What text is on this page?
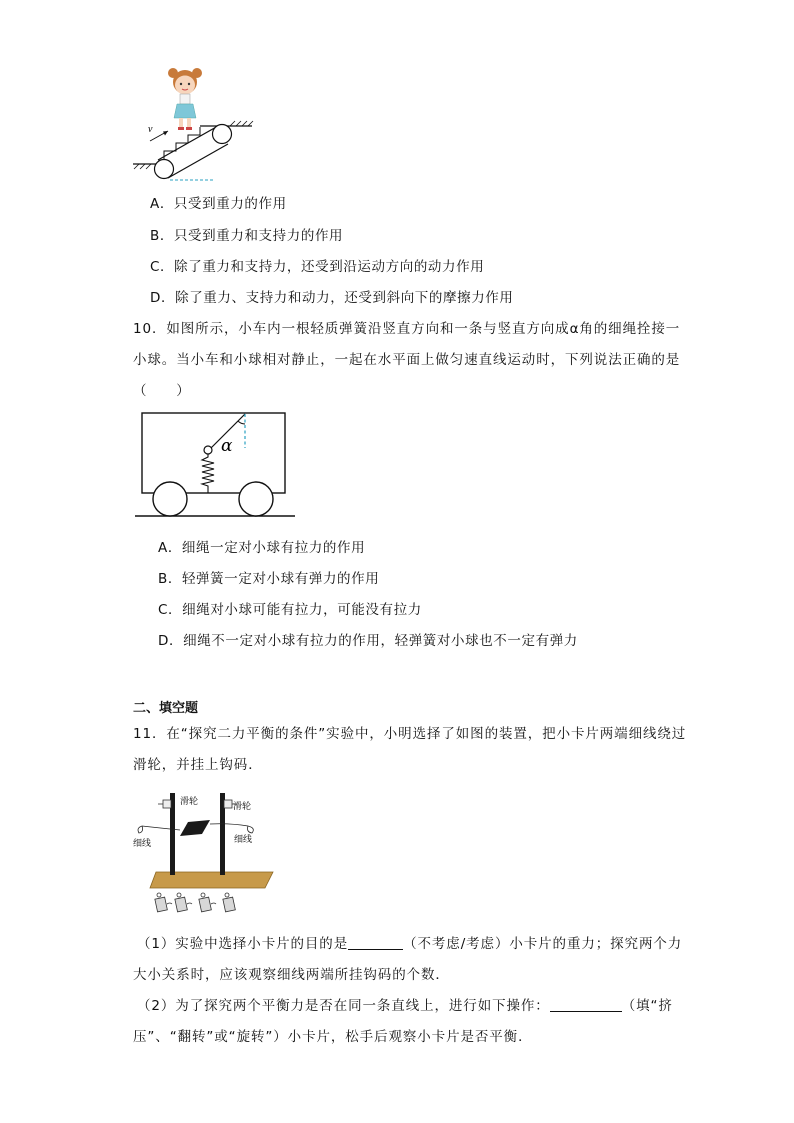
v
A．只受到重力的作用
B．只受到重力和支持力的作用
C．除了重力和支持力，还受到沿运动方向的动力作用
D．除了重力、支持力和动力，还受到斜向下的摩擦力作用
10．如图所示，小车内一根轻质弹簧沿竖直方向和一条与竖直方向成α角的细绳拴接一
小球。当小车和小球相对静止，一起在水平面上做匀速直线运动时，下列说法正确的是
（　　）
α
A．细绳一定对小球有拉力的作用
B．轻弹簧一定对小球有弹力的作用
C．细绳对小球可能有拉力，可能没有拉力
D．细绳不一定对小球有拉力的作用，轻弹簧对小球也不一定有弹力
二、填空题
11．在“探究二力平衡的条件”实验中，小明选择了如图的装置，把小卡片两端细线绕过
滑轮，并挂上钩码．
滑轮	滑轮
细线	细线
（1）实验中选择小卡片的目的是	（不考虑/考虑）小卡片的重力；探究两个力
大小关系时，应该观察细线两端所挂钩码的个数．
（2）为了探究两个平衡力是否在同一条直线上，进行如下操作：	（填“挤
压”、“翻转”或“旋转”）小卡片，松手后观察小卡片是否平衡．
